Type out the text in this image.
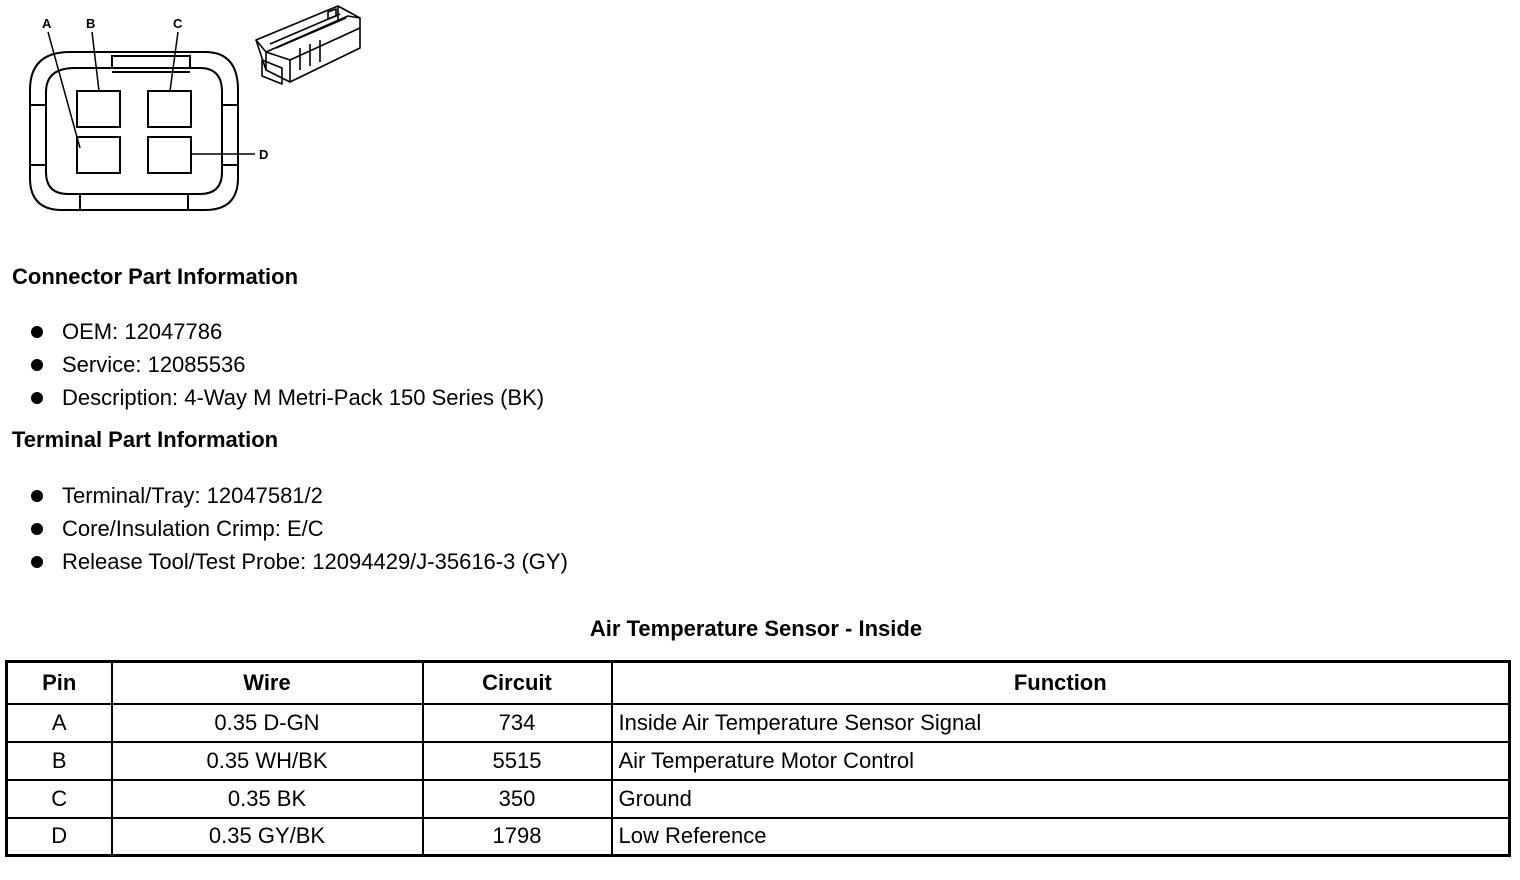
A	B	C
D
Connector Part Information
OEM: 12047786
Service: 12085536
Description: 4-Way M Metri-Pack 150 Series (BK)
Terminal Part Information
Terminal/Tray: 12047581/2
Core/Insulation Crimp: E/C
Release Tool/Test Probe: 12094429/J-35616-3 (GY)
Air Temperature Sensor - Inside
Pin	Wire	Circuit	Function
A	0.35 D-GN	734	Inside Air Temperature Sensor Signal
B	0.35 WH/BK	5515	Air Temperature Motor Control
C	0.35 BK	350	Ground
D	0.35 GY/BK	1798	Low Reference
